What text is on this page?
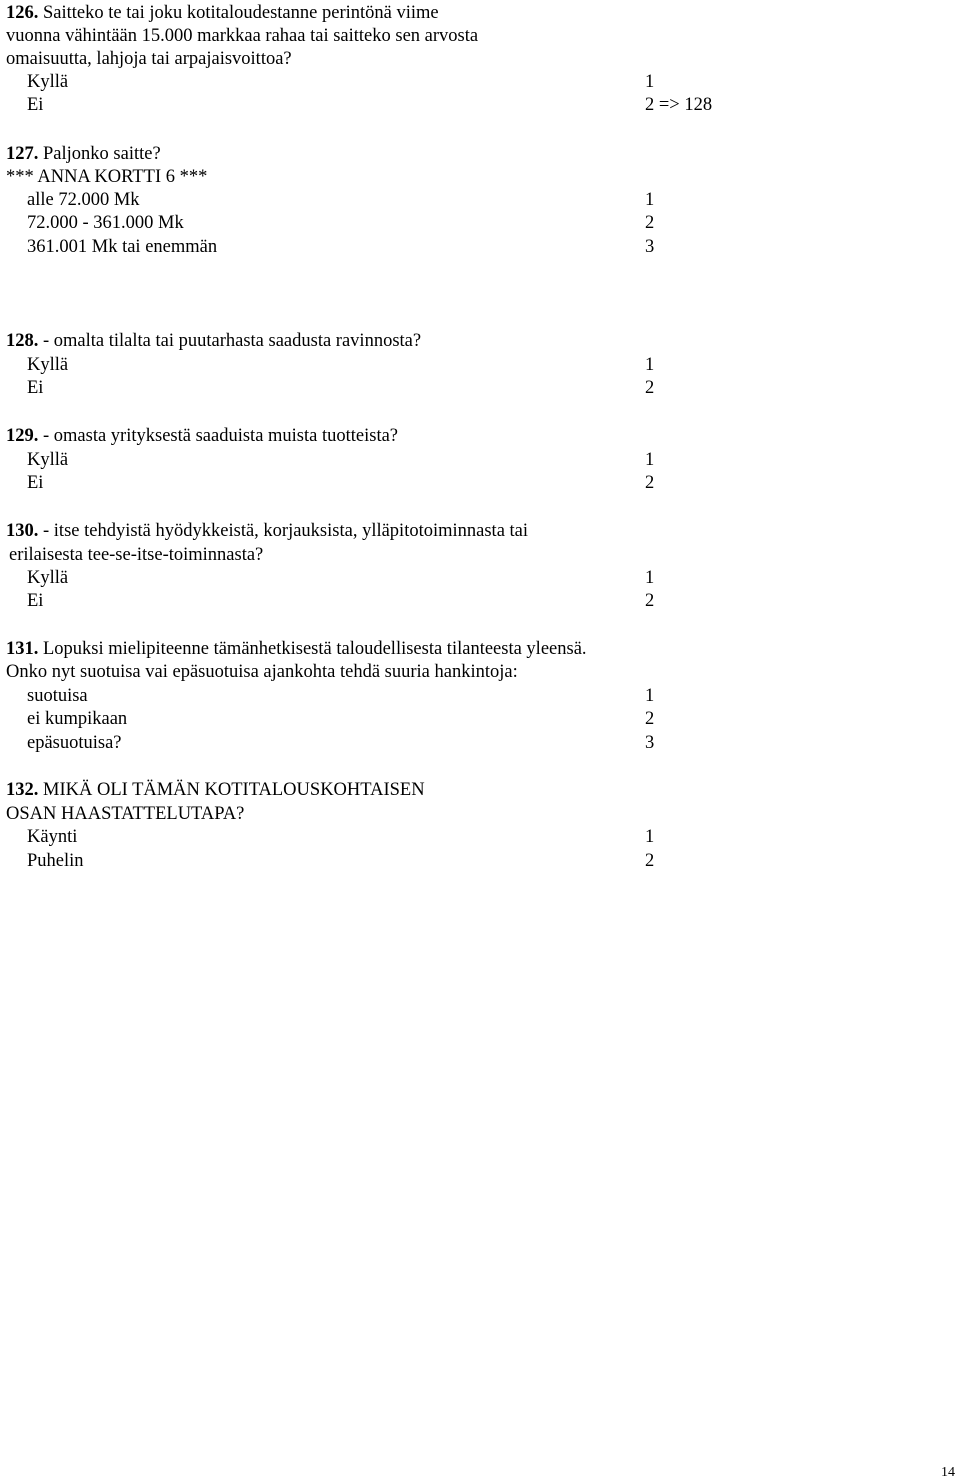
126. Saitteko te tai joku kotitaloudestanne perintönä viime
vuonna vähintään 15.000 markkaa rahaa tai saitteko sen arvosta
omaisuutta, lahjoja tai arpajaisvoittoa?
Kyllä	1
Ei	2 => 128
127. Paljonko saitte?
*** ANNA KORTTI 6 ***
alle 72.000 Mk	1
72.000 - 361.000 Mk	2
361.001 Mk tai enemmän	3
128. - omalta tilalta tai puutarhasta saadusta ravinnosta?
Kyllä	1
Ei	2
129. - omasta yrityksestä saaduista muista tuotteista?
Kyllä	1
Ei	2
130. - itse tehdyistä hyödykkeistä, korjauksista, ylläpitotoiminnasta tai
erilaisesta tee-se-itse-toiminnasta?
Kyllä	1
Ei	2
131. Lopuksi mielipiteenne tämänhetkisestä taloudellisesta tilanteesta yleensä.
Onko nyt suotuisa vai epäsuotuisa ajankohta tehdä suuria hankintoja:
suotuisa	1
ei kumpikaan	2
epäsuotuisa?	3
132. MIKÄ OLI TÄMÄN KOTITALOUSKOHTAISEN
OSAN HAASTATTELUTAPA?
Käynti	1
Puhelin	2
14
